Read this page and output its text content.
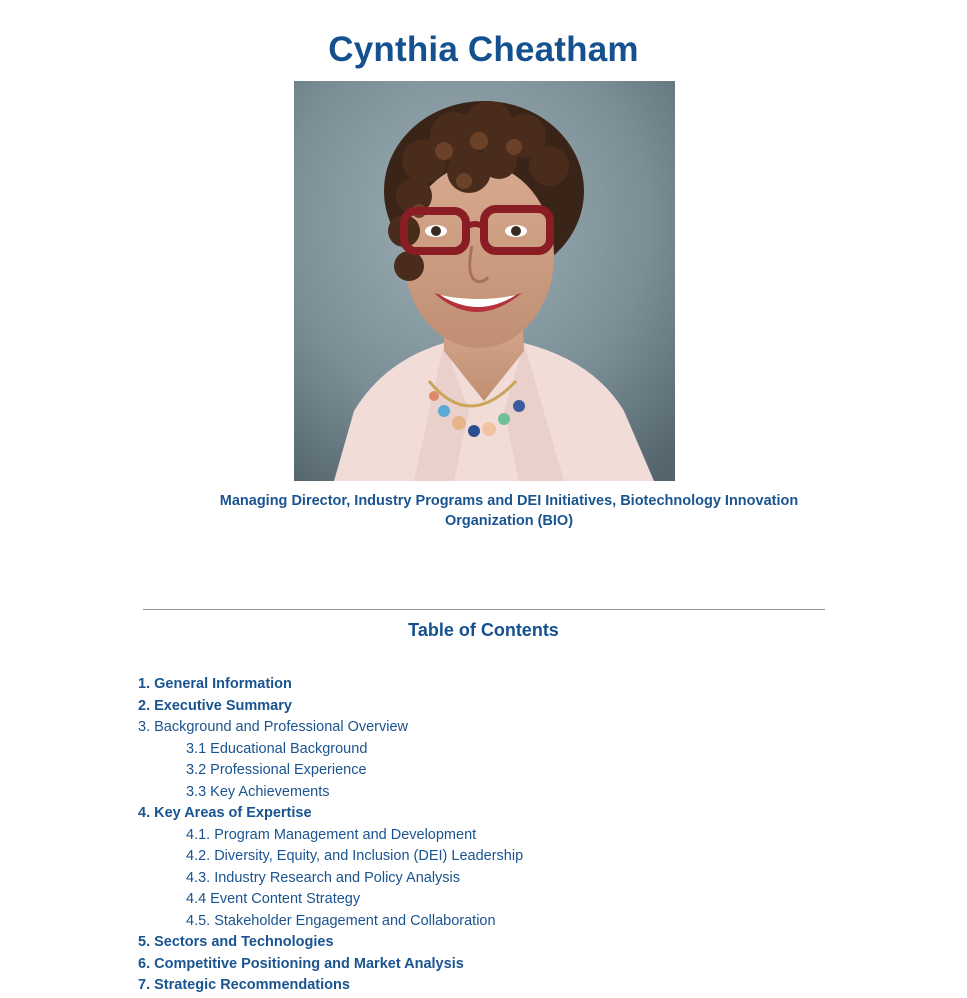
Cynthia Cheatham
Managing Director, Industry Programs and DEI Initiatives, Biotechnology Innovation Organization (BIO)
Table of Contents
1. General Information
2. Executive Summary
3. Background and Professional Overview
3.1 Educational Background
3.2 Professional Experience
3.3 Key Achievements
4. Key Areas of Expertise
4.1. Program Management and Development
4.2. Diversity, Equity, and Inclusion (DEI) Leadership
4.3. Industry Research and Policy Analysis
4.4 Event Content Strategy
4.5. Stakeholder Engagement and Collaboration
5. Sectors and Technologies
6. Competitive Positioning and Market Analysis
7. Strategic Recommendations
